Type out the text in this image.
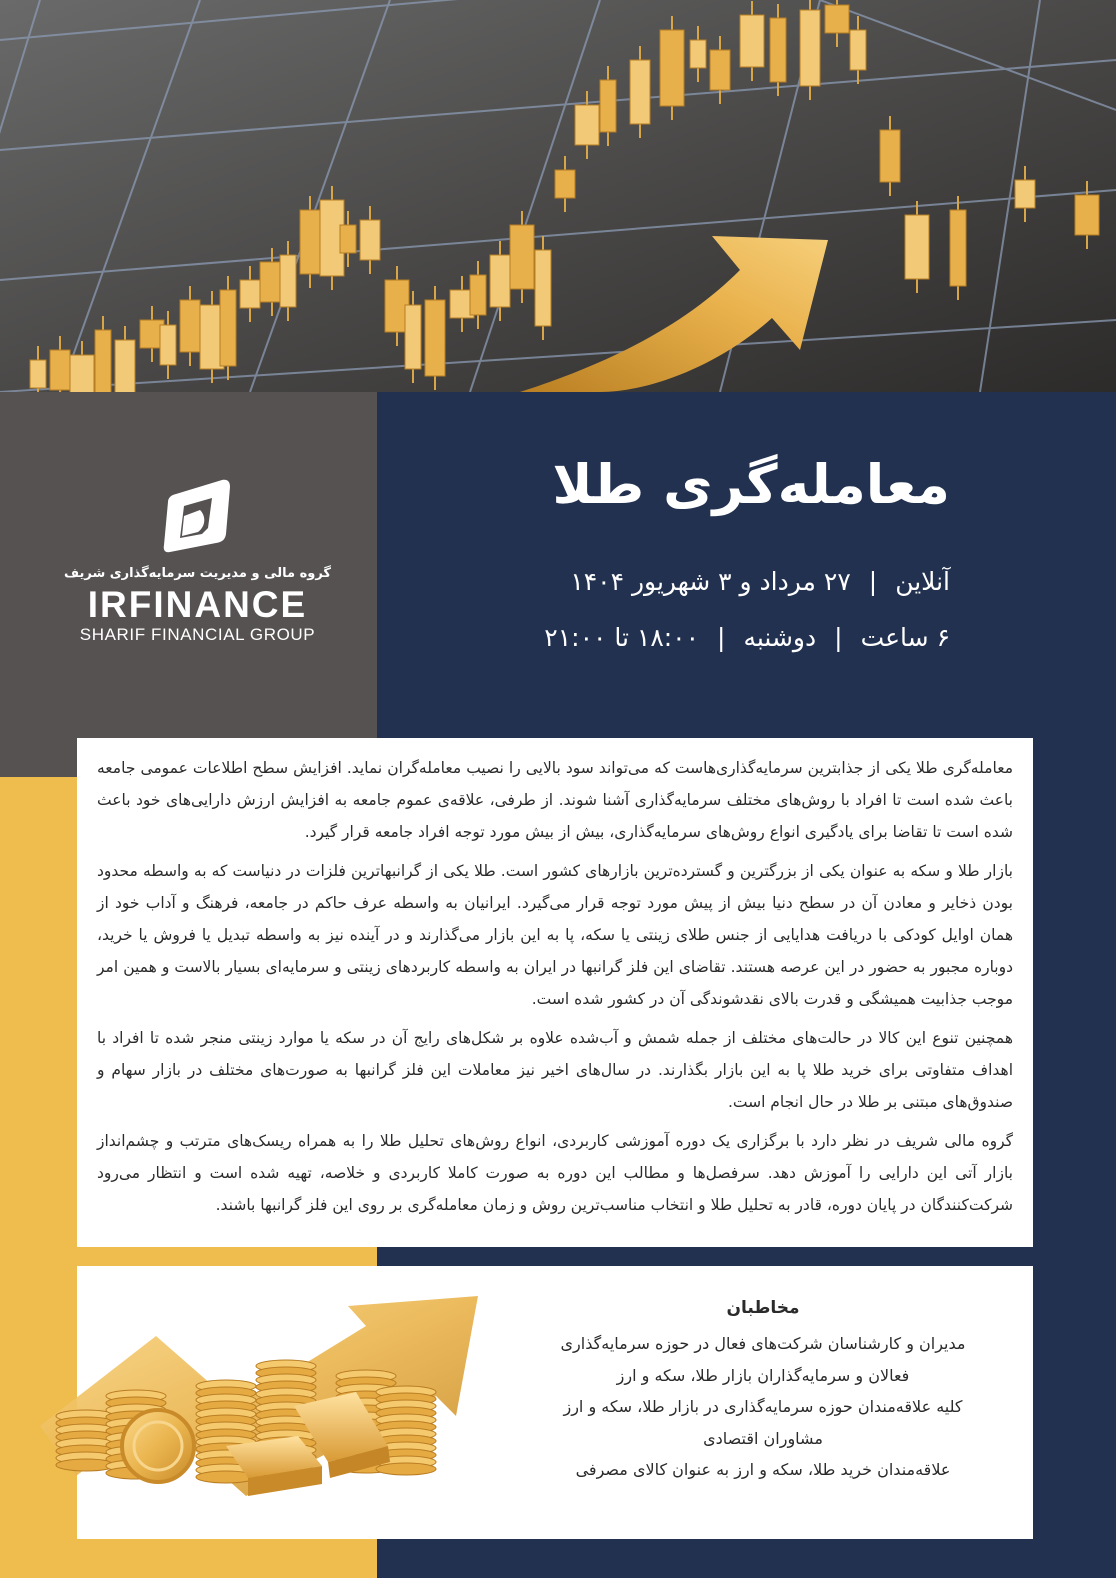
گروه مالی و مدیریت سرمایه‌گذاری شریف
IRFINANCE
SHARIF FINANCIAL GROUP
معامله‌گری طلا
آنلاین|۲۷ مرداد و ۳ شهریور ۱۴۰۴
۶ ساعت|دوشنبه|۱۸:۰۰ تا ۲۱:۰۰

معامله‌گری طلا یکی از جذابترین سرمایه‌گذاری‌هاست که می‌تواند سود بالایی را نصیب معامله‌گران نماید. افزایش سطح اطلاعات عمومی جامعه باعث شده است تا افراد با روش‌های مختلف سرمایه‌گذاری آشنا شوند. از طرفی، علاقه‌ی عموم جامعه به افزایش ارزش دارایی‌های خود باعث شده است تا تقاضا برای یادگیری انواع روش‌های سرمایه‌گذاری، بیش از بیش مورد توجه افراد جامعه قرار گیرد.

بازار طلا و سکه به عنوان یکی از بزرگترین و گسترده‌ترین بازارهای کشور است. طلا یکی از گرانبهاترین فلزات در دنیاست که به واسطه محدود بودن ذخایر و معادن آن در سطح دنیا بیش از پیش مورد توجه قرار می‌گیرد. ایرانیان به واسطه عرف حاکم در جامعه، فرهنگ و آداب خود از همان اوایل کودکی با دریافت هدایایی از جنس طلای زینتی یا سکه، پا به این بازار می‌گذارند و در آینده نیز به واسطه تبدیل یا فروش یا خرید، دوباره مجبور به حضور در این عرصه هستند. تقاضای این فلز گرانبها در ایران به واسطه کاربردهای زینتی و سرمایه‌ای بسیار بالاست و همین امر موجب جذابیت همیشگی و قدرت بالای نقدشوندگی آن در کشور شده است.

همچنین تنوع این کالا در حالت‌های مختلف از جمله شمش و آب‌شده علاوه بر شکل‌های رایج آن در سکه یا موارد زینتی منجر شده تا افراد با اهداف متفاوتی برای خرید طلا پا به این بازار بگذارند. در سال‌های اخیر نیز معاملات این فلز گرانبها به صورت‌های مختلف در بازار سهام و صندوق‌های مبتنی بر طلا در حال انجام است.

گروه مالی شریف در نظر دارد با برگزاری یک دوره آموزشی کاربردی، انواع روش‌های تحلیل طلا را به همراه ریسک‌های مترتب و چشم‌انداز بازار آتی این دارایی را آموزش دهد. سرفصل‌ها و مطالب این دوره به صورت کاملا کاربردی و خلاصه، تهیه شده است و انتظار می‌رود شرکت‌کنندگان در پایان دوره، قادر به تحلیل طلا و انتخاب مناسب‌ترین روش و زمان معامله‌گری بر روی این فلز گرانبها باشند.

مخاطبان
مدیران و کارشناسان شرکت‌های فعال در حوزه سرمایه‌گذاری
فعالان و سرمایه‌گذاران بازار طلا، سکه و ارز
کلیه علاقه‌مندان حوزه سرمایه‌گذاری در بازار طلا، سکه و ارز
مشاوران اقتصادی
علاقه‌مندان خرید طلا، سکه و ارز به عنوان کالای مصرفی
